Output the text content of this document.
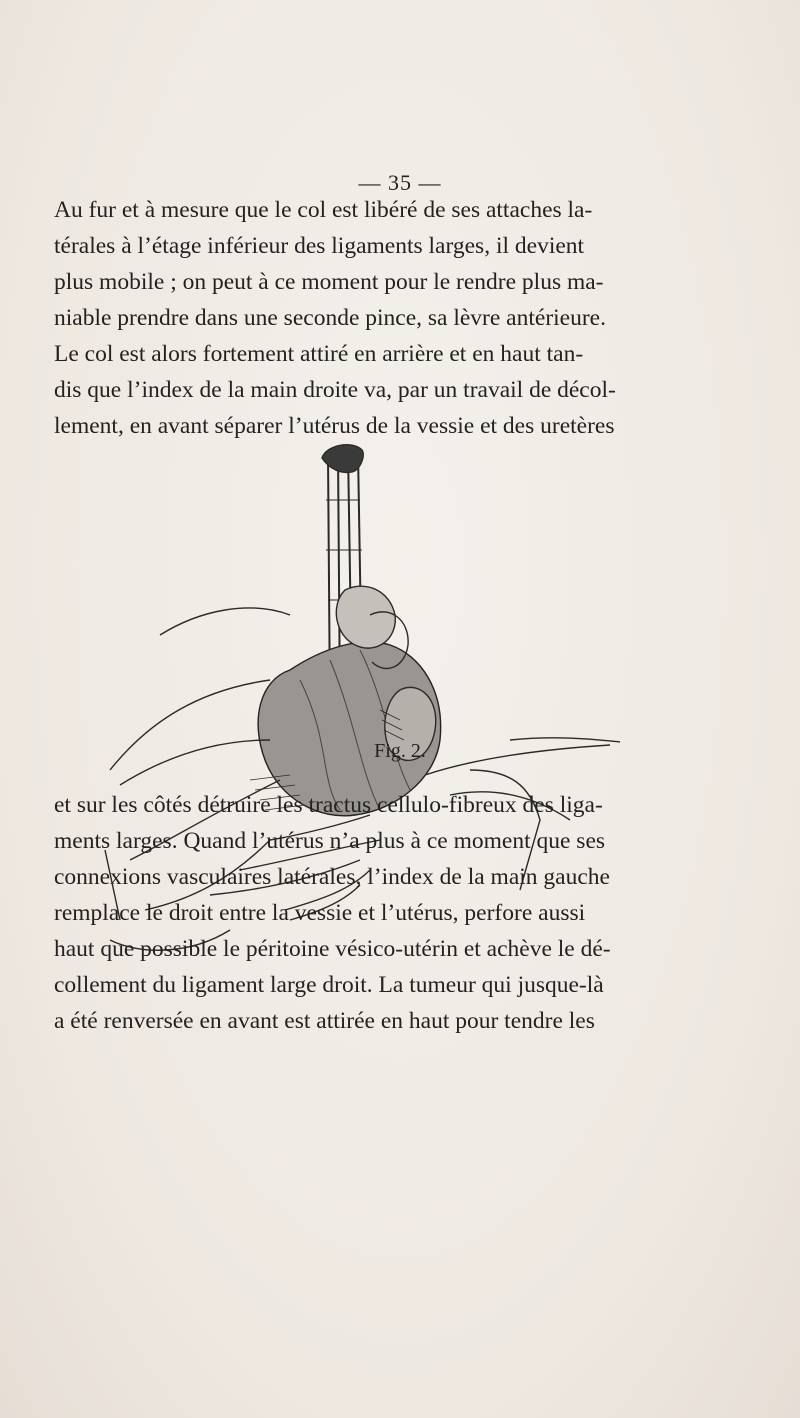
— 35 —

Au fur et à mesure que le col est libéré de ses attaches la-

térales à l’étage inférieur des ligaments larges, il devient

plus mobile ; on peut à ce moment pour le rendre plus ma-

niable prendre dans une seconde pince, sa lèvre antérieure.

Le col est alors fortement attiré en arrière et en haut tan-

dis que l’index de la main droite va, par un travail de décol-

lement, en avant séparer l’utérus de la vessie et des uretères

Fig. 2.

et sur les côtés détruire les tractus cellulo-fibreux des liga-

ments larges. Quand l’utérus n’a plus à ce moment que ses

connexions vasculaires latérales, l’index de la main gauche

remplace le droit entre la vessie et l’utérus, perfore aussi

haut que possible le péritoine vésico-utérin et achève le dé-

collement du ligament large droit. La tumeur qui jusque-là

a été renversée en avant est attirée en haut pour tendre les
